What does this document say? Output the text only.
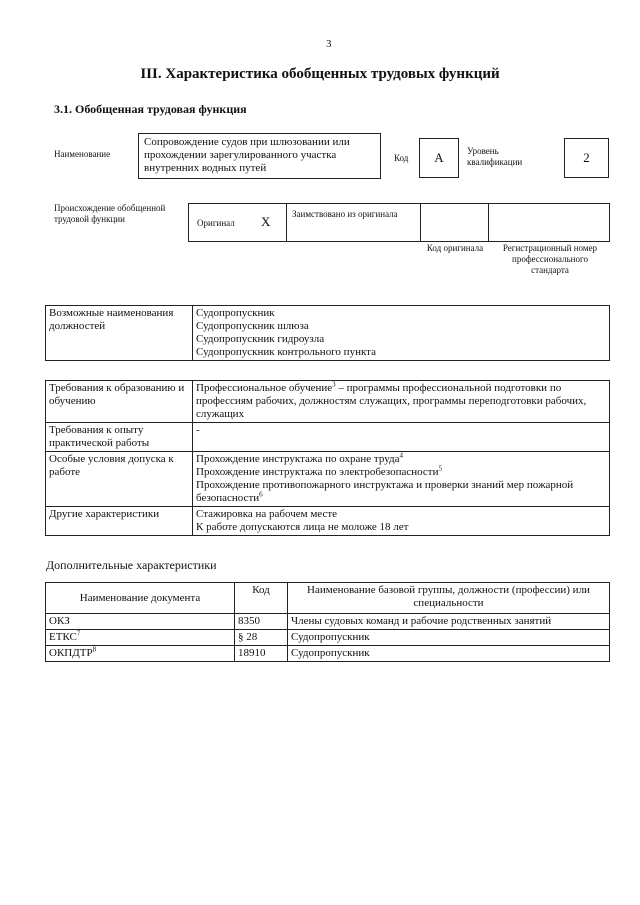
3
III. Характеристика обобщенных трудовых функций
3.1. Обобщенная трудовая функция
Наименование
Сопровождение судов при шлюзовании или прохождении зарегулированного участка внутренних водных путей
Код A	Уровень квалификации	2
Происхождение обобщенной трудовой функции	Оригинал X Заимствовано из оригинала
Код оригинала	Регистрационный номер профессионального стандарта
Возможные наименования должностей	
Судопропускник
Судопропускник шлюза
Судопропускник гидроузла
Судопропускник контрольного пункта
Требования к образованию и обучению	Профессиональное обучение$^3$ – программы профессиональной подготовки по профессиям рабочих, должностям служащих, программы переподготовки рабочих, служащих
Требования к опыту практической работы	-
Особые условия допуска к работе	Прохождение инструктажа по охране труда$^4$
Прохождение инструктажа по электробезопасности$^5$
Прохождение противопожарного инструктажа и проверки знаний мер пожарной безопасности$^6$

Другие характеристики	Стажировка на рабочем месте
К работе допускаются лица не моложе 18 лет
Дополнительные характеристики
Наименование документа	Код	Наименование базовой группы, должности (профессии) или специальности
ОКЗ	8350	Члены судовых команд и рабочие родственных занятий
ЕТКС$^7$	§ 28	Судопропускник
ОКПДТР$^8$	18910	Судопропускник
